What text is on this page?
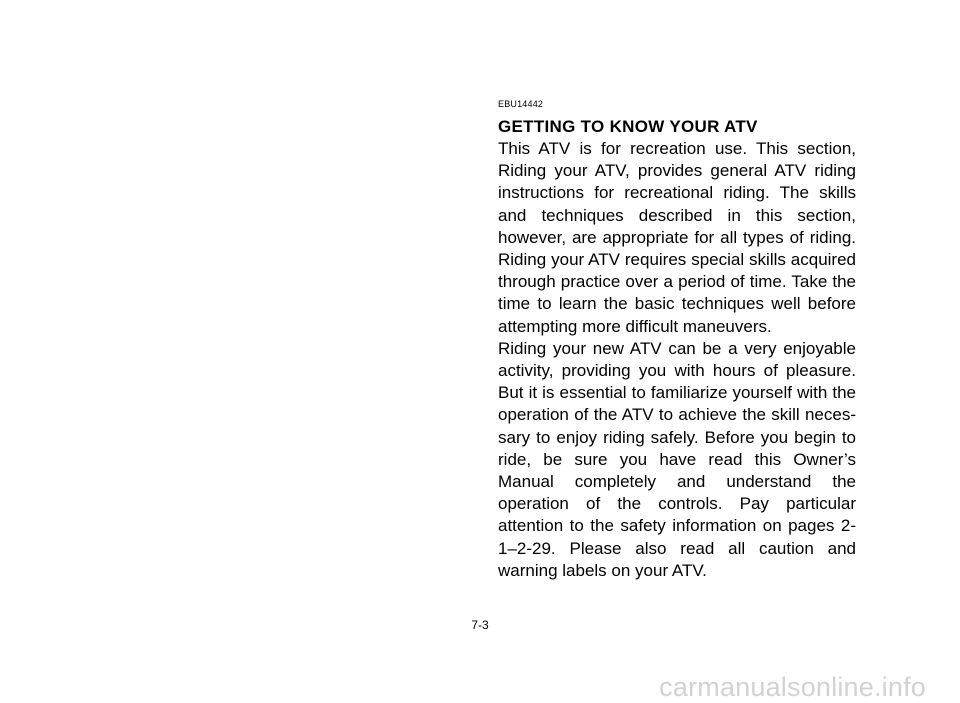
EBU14442
GETTING TO KNOW YOUR ATV

This ATV is for recreation use. This section, Riding your ATV, provides general ATV riding instructions for recreational riding. The skills and techniques described in this section, however, are appropriate for all types of riding. Riding your ATV requires special skills acquired through practice over a period of time. Take the time to learn the basic techniques well before attempting more difficult maneuvers.

Riding your new ATV can be a very enjoyable activity, providing you with hours of pleasure. But it is essential to familiarize yourself with the operation of the ATV to achieve the skill neces-sary to enjoy riding safely. Before you begin to ride, be sure you have read this Owner’s Manual completely and understand the operation of the controls. Pay particular attention to the safety information on pages 2-1–2-29. Please also read all caution and warning labels on your ATV.

7-3
carmanualsonline.info
